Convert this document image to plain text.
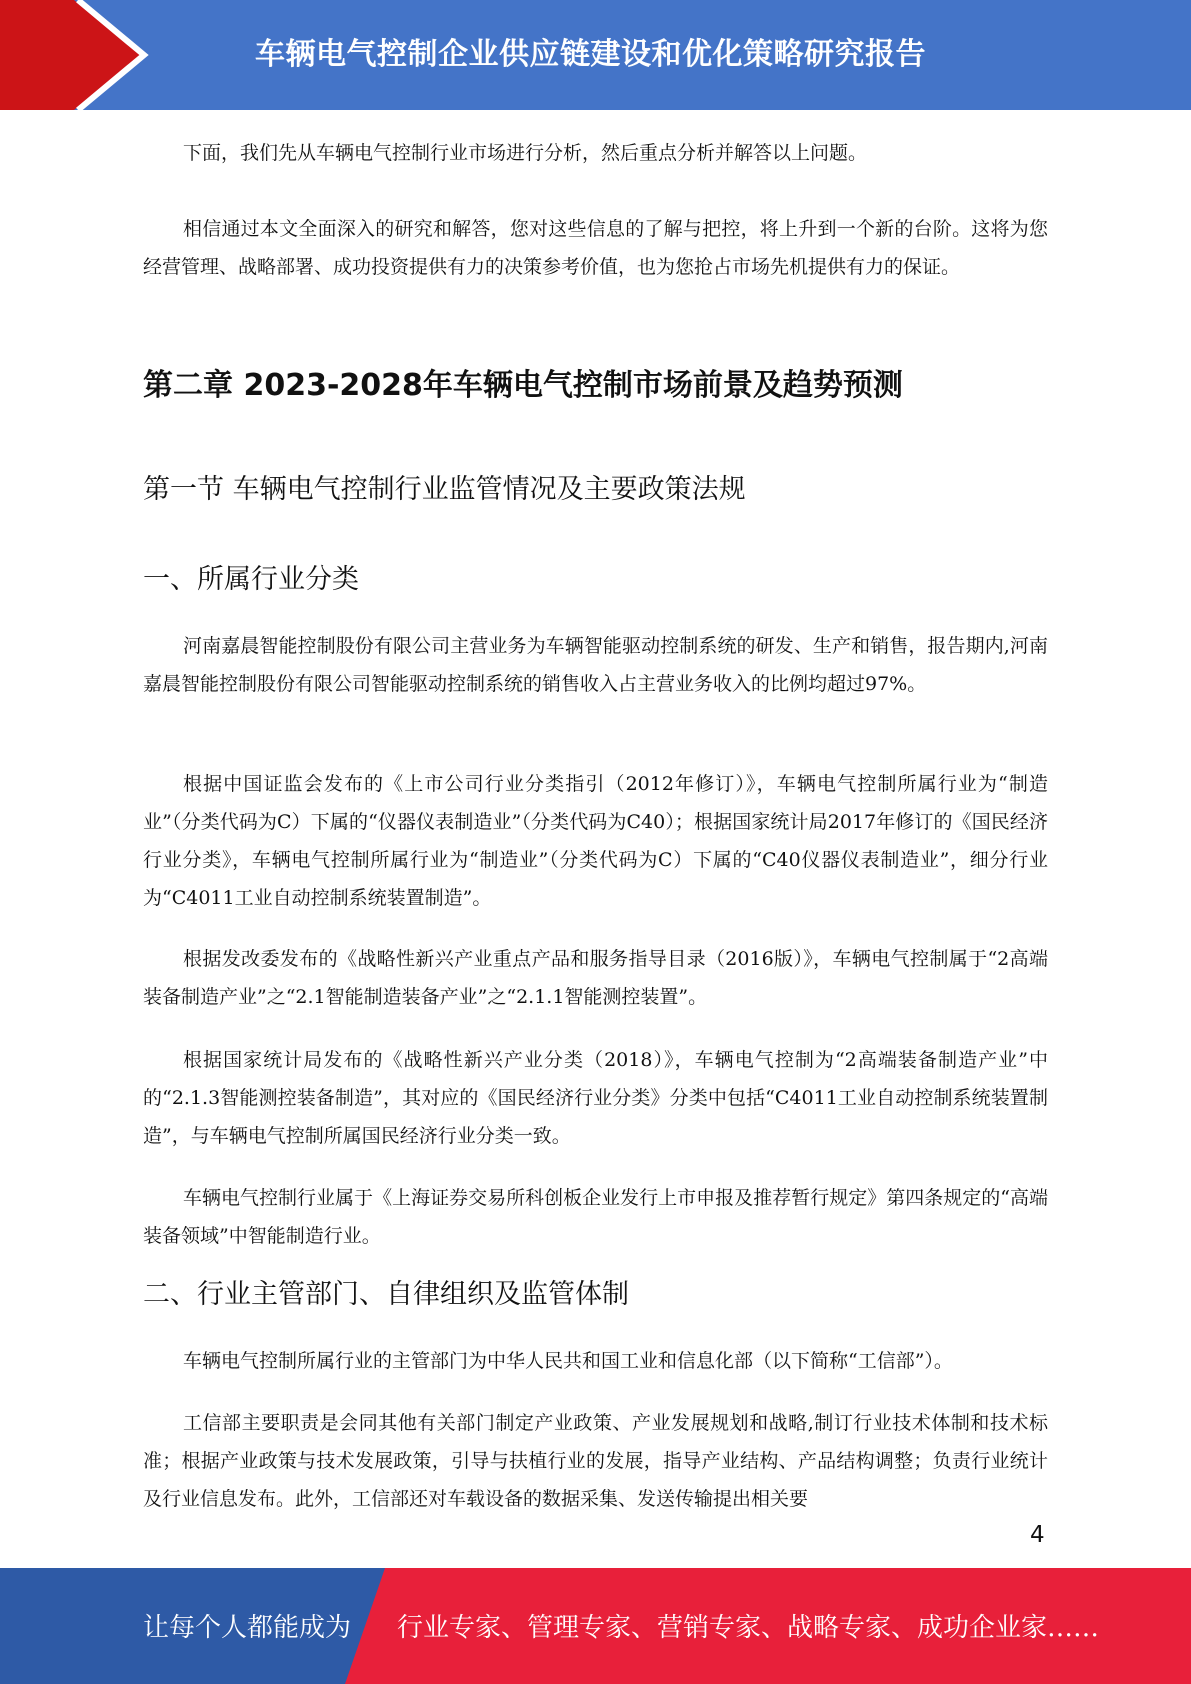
车辆电气控制企业供应链建设和优化策略研究报告

下面，我们先从车辆电气控制行业市场进行分析，然后重点分析并解答以上问题。

相信通过本文全面深入的研究和解答，您对这些信息的了解与把控，将上升到一个新的台阶。这将为您经营管理、战略部署、成功投资提供有力的决策参考价值，也为您抢占市场先机提供有力的保证。

第二章 2023-2028年车辆电气控制市场前景及趋势预测
第一节 车辆电气控制行业监管情况及主要政策法规
一、所属行业分类

河南嘉晨智能控制股份有限公司主营业务为车辆智能驱动控制系统的研发、生产和销售，报告期内,河南嘉晨智能控制股份有限公司智能驱动控制系统的销售收入占主营业务收入的比例均超过97%。

根据中国证监会发布的《上市公司行业分类指引（2012年修订）》，车辆电气控制所属行业为“制造业”（分类代码为C）下属的“仪器仪表制造业”（分类代码为C40）；根据国家统计局2017年修订的《国民经济行业分类》，车辆电气控制所属行业为“制造业”（分类代码为C）下属的“C40仪器仪表制造业”，细分行业为“C4011工业自动控制系统装置制造”。

根据发改委发布的《战略性新兴产业重点产品和服务指导目录（2016版）》，车辆电气控制属于“2高端装备制造产业”之“2.1智能制造装备产业”之“2.1.1智能测控装置”。

根据国家统计局发布的《战略性新兴产业分类（2018）》，车辆电气控制为“2高端装备制造产业”中的“2.1.3智能测控装备制造”，其对应的《国民经济行业分类》分类中包括“C4011工业自动控制系统装置制造”，与车辆电气控制所属国民经济行业分类一致。

车辆电气控制行业属于《上海证券交易所科创板企业发行上市申报及推荐暂行规定》第四条规定的“高端装备领域”中智能制造行业。

二、行业主管部门、自律组织及监管体制

车辆电气控制所属行业的主管部门为中华人民共和国工业和信息化部（以下简称“工信部”）。

工信部主要职责是会同其他有关部门制定产业政策、产业发展规划和战略,制订行业技术体制和技术标准；根据产业政策与技术发展政策，引导与扶植行业的发展，指导产业结构、产品结构调整；负责行业统计及行业信息发布。此外，工信部还对车载设备的数据采集、发送传输提出相关要

4
让每个人都能成为 行业专家、管理专家、营销专家、战略专家、成功企业家……
